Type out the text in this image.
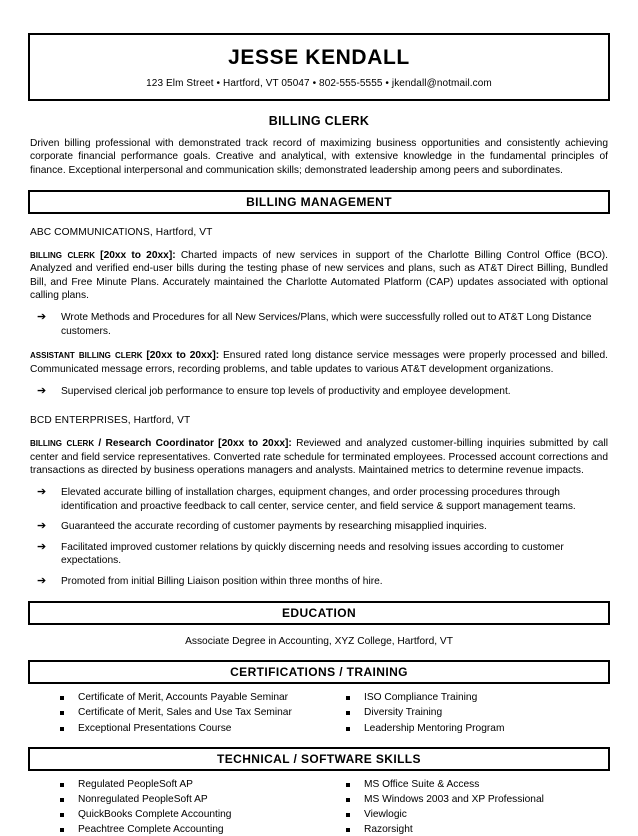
JESSE KENDALL
123 Elm Street • Hartford, VT 05047 • 802-555-5555 • jkendall@notmail.com
BILLING CLERK
Driven billing professional with demonstrated track record of maximizing business opportunities and consistently achieving corporate financial performance goals. Creative and analytical, with extensive knowledge in the fundamental principles of finance. Exceptional interpersonal and communication skills; demonstrated leadership among peers and subordinates.
BILLING MANAGEMENT
ABC COMMUNICATIONS, Hartford, VT
billing clerk [20xx to 20xx]: Charted impacts of new services in support of the Charlotte Billing Control Office (BCO). Analyzed and verified end-user bills during the testing phase of new services and plans, such as AT&T Direct Billing, Bundled Bill, and Free Minute Plans. Accurately maintained the Charlotte Automated Platform (CAP) updates associated with optional calling plans.
➔ Wrote Methods and Procedures for all New Services/Plans, which were successfully rolled out to AT&T Long Distance customers.
assistant billing clerk [20xx to 20xx]: Ensured rated long distance service messages were properly processed and billed. Communicated message errors, recording problems, and table updates to various AT&T development organizations.
➔ Supervised clerical job performance to ensure top levels of productivity and employee development.
BCD ENTERPRISES, Hartford, VT
billing clerk / Research Coordinator [20xx to 20xx]: Reviewed and analyzed customer-billing inquiries submitted by call center and field service representatives. Converted rate schedule for terminated employees. Processed account corrections and transactions as directed by business operations managers and analysts. Maintained metrics to determine revenue impacts.
➔ Elevated accurate billing of installation charges, equipment changes, and order processing procedures through identification and proactive feedback to call center, service center, and field service & support management teams.
➔ Guaranteed the accurate recording of customer payments by researching misapplied inquiries.
➔ Facilitated improved customer relations by quickly discerning needs and resolving issues according to customer expectations.
➔ Promoted from initial Billing Liaison position within three months of hire.
EDUCATION
Associate Degree in Accounting, XYZ College, Hartford, VT
CERTIFICATIONS / TRAINING
Certificate of Merit, Accounts Payable Seminar
Certificate of Merit, Sales and Use Tax Seminar
Exceptional Presentations Course
ISO Compliance Training
Diversity Training
Leadership Mentoring Program
TECHNICAL / SOFTWARE SKILLS
Regulated PeopleSoft AP
Nonregulated PeopleSoft AP
QuickBooks Complete Accounting
Peachtree Complete Accounting
MS Office Suite & Access
MS Windows 2003 and XP Professional
Viewlogic
Razorsight
